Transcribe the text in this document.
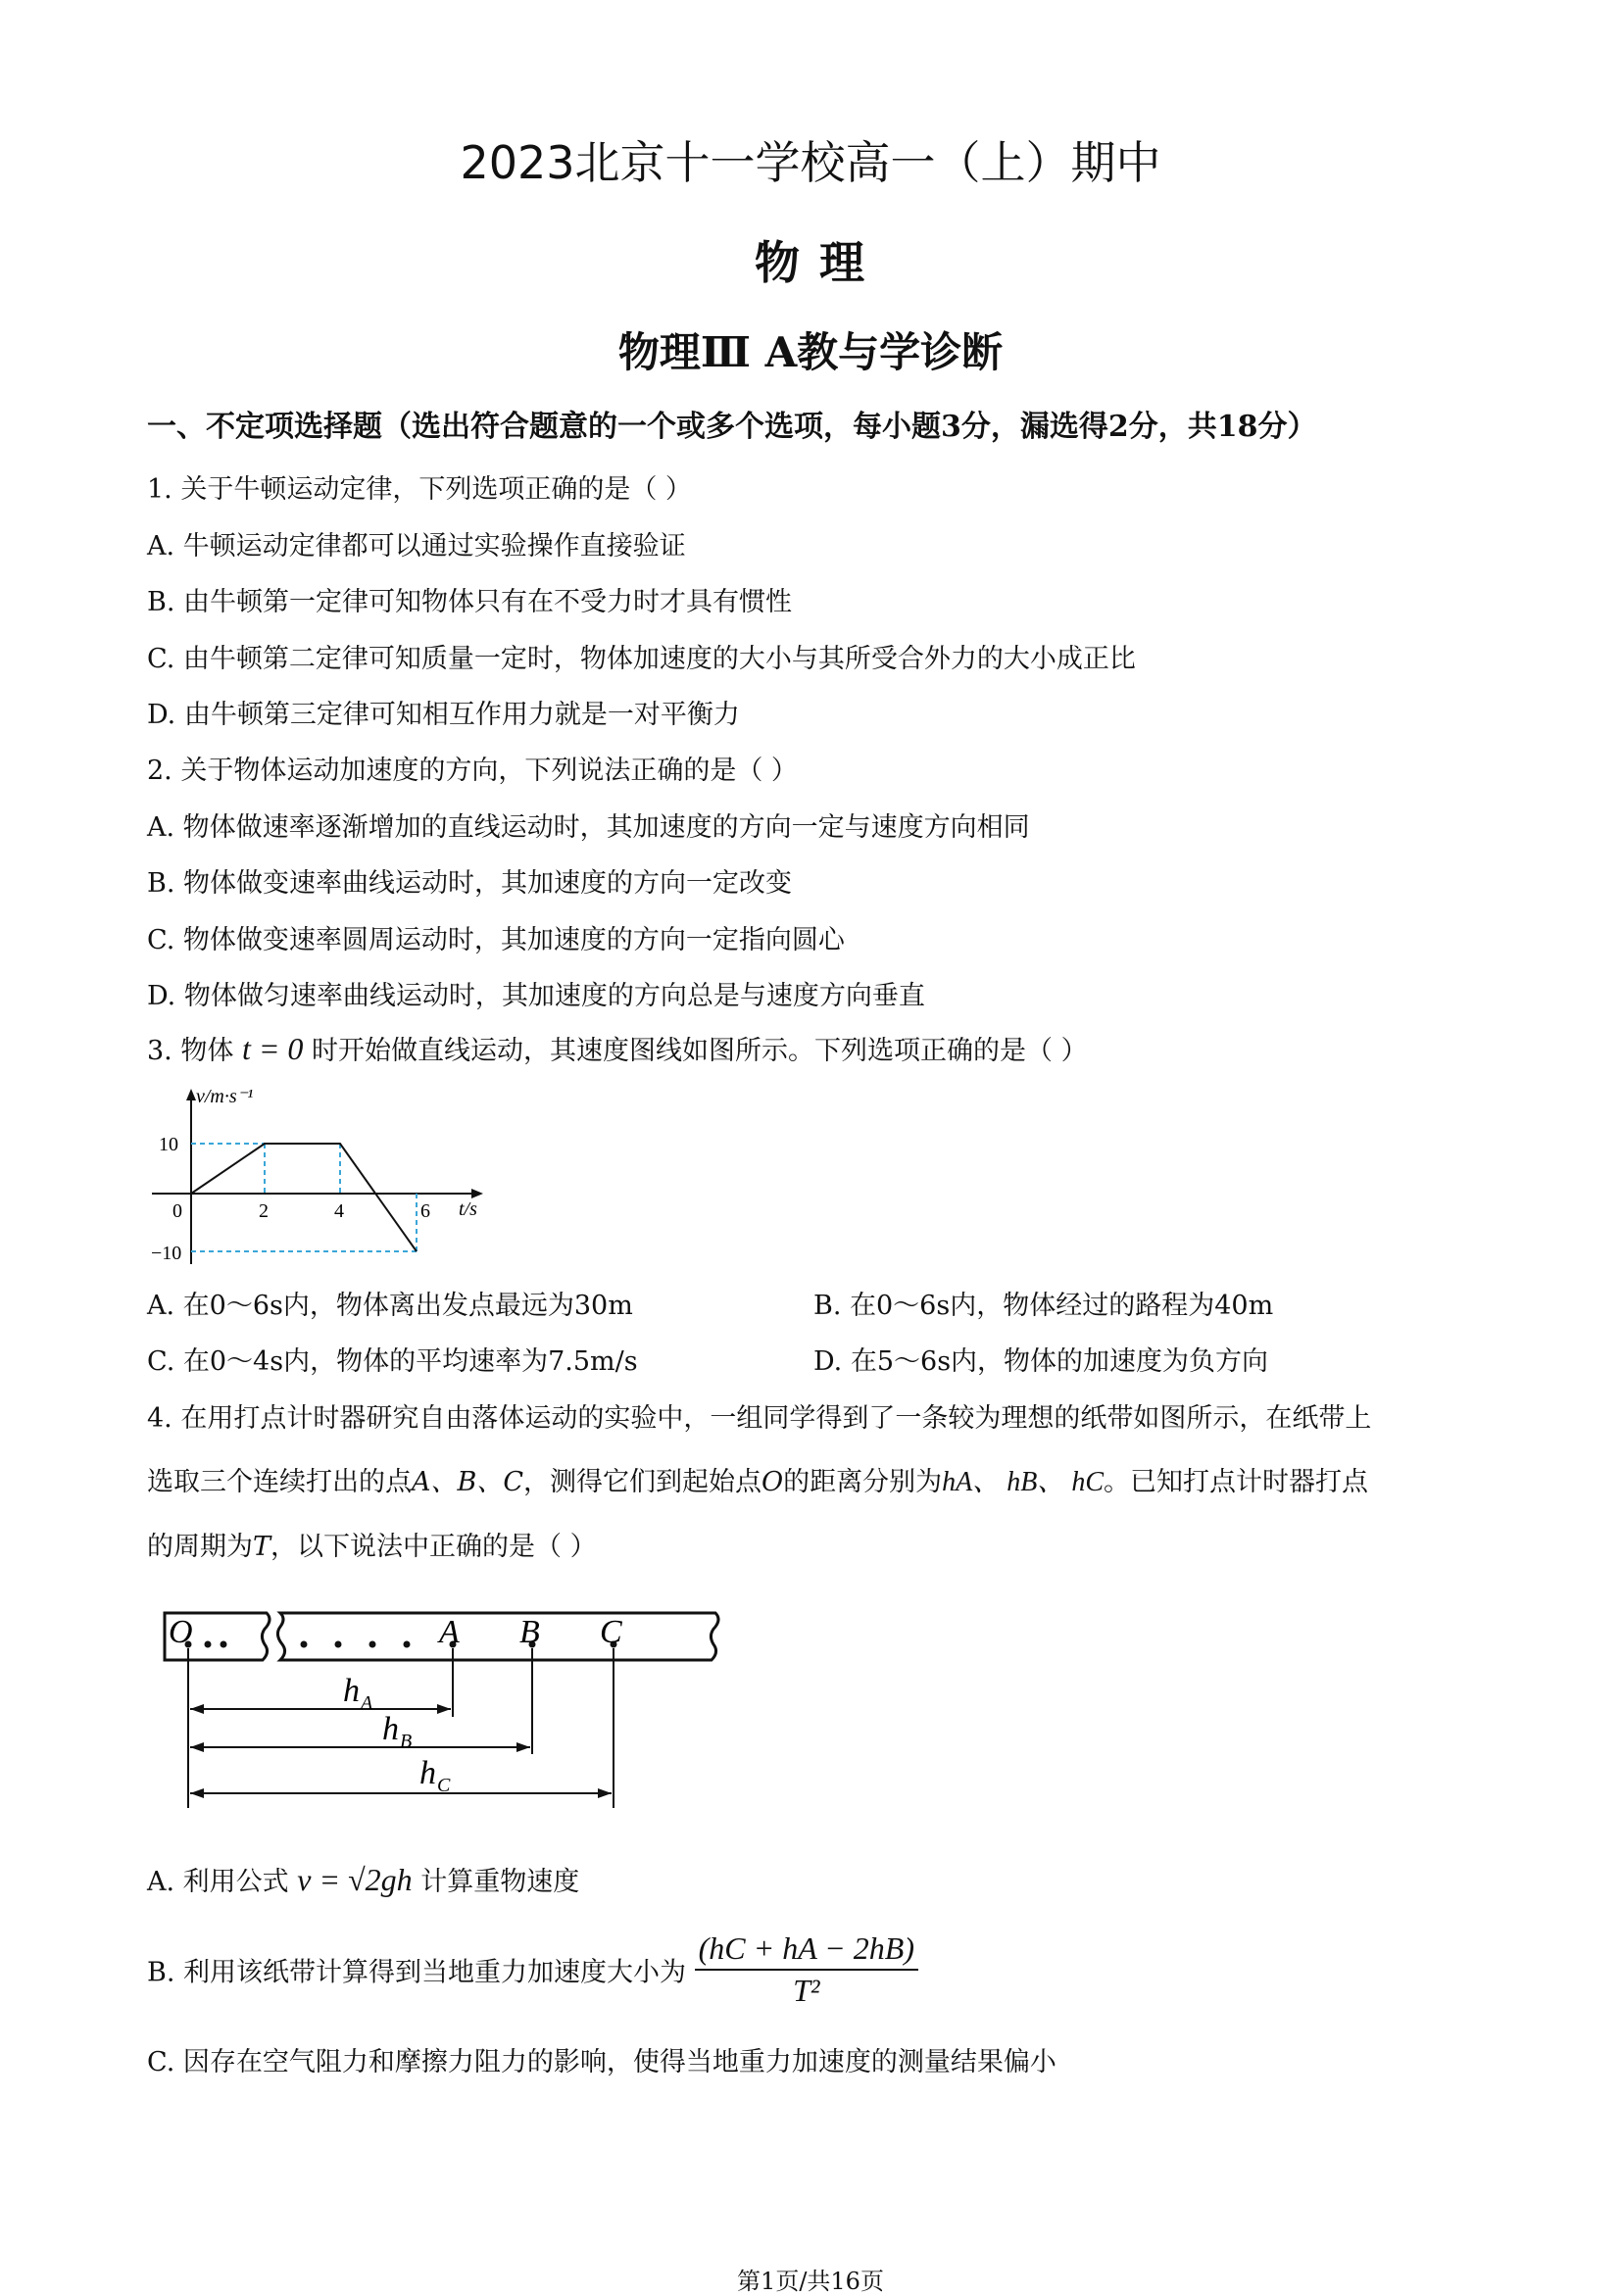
2023北京十一学校高一（上）期中
物 理
物理Ⅲ A教与学诊断
一、不定项选择题（选出符合题意的一个或多个选项，每小题3分，漏选得2分，共18分）
1. 关于牛顿运动定律，下列选项正确的是（ ）
A. 牛顿运动定律都可以通过实验操作直接验证
B. 由牛顿第一定律可知物体只有在不受力时才具有惯性
C. 由牛顿第二定律可知质量一定时，物体加速度的大小与其所受合外力的大小成正比
D. 由牛顿第三定律可知相互作用力就是一对平衡力
2. 关于物体运动加速度的方向，下列说法正确的是（ ）
A. 物体做速率逐渐增加的直线运动时，其加速度的方向一定与速度方向相同
B. 物体做变速率曲线运动时，其加速度的方向一定改变
C. 物体做变速率圆周运动时，其加速度的方向一定指向圆心
D. 物体做匀速率曲线运动时，其加速度的方向总是与速度方向垂直
3. 物体 t = 0 时开始做直线运动，其速度图线如图所示。下列选项正确的是（ ）
v/m·s⁻¹
t/s
0
10
−10
2	4	6
A. 在0～6s内，物体离出发点最远为30m	B. 在0～6s内，物体经过的路程为40m
C. 在0～4s内，物体的平均速率为7.5m/s	D. 在5～6s内，物体的加速度为负方向
4. 在用打点计时器研究自由落体运动的实验中，一组同学得到了一条较为理想的纸带如图所示，在纸带上
选取三个连续打出的点A、B、C，测得它们到起始点O的距离分别为hA、 hB、 hC。已知打点计时器打点
的周期为T，以下说法中正确的是（ ）
O	A B C
h A
h B
h C
A. 利用公式 v = √2gh 计算重物速度
B. 利用该纸带计算得到当地重力加速度大小为 $\frac{(hC + hA - 2hB)}{\text{T²}}$
C. 因存在空气阻力和摩擦力阻力的影响，使得当地重力加速度的测量结果偏小
第1页/共16页
